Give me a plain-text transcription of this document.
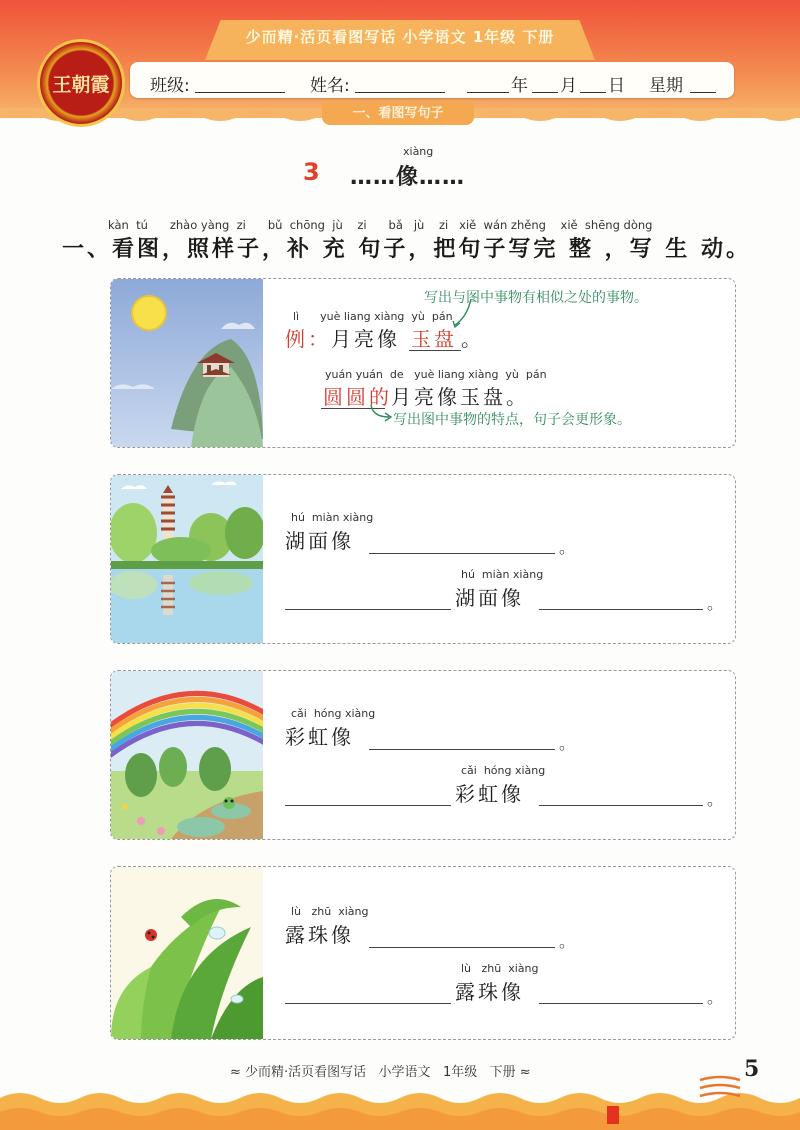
少而精·活页看图写话 小学语文 1年级 下册
王朝霞	班级:	姓名:	年 月 日 星期
一、看图写句子
3
xiàng
……像……
kàn  tú      zhào yàng  zi      bǔ  chōng  jù    zi      bǎ   jù    zi   xiě  wán zhěng    xiě  shēng dòng
一、看图，照样子，补 充 句子，把句子写完 整 ，写 生 动。
写出与图中事物有相似之处的事物。
lì      yuè liang xiàng  yù  pán
例： 月亮像 玉盘 。
yuán yuán  de   yuè liang xiàng  yù  pán
圆圆的 月亮像玉盘。
写出图中事物的特点，句子会更形象。
hú  miàn xiàng
湖面像	。
hú  miàn xiàng
湖面像	。
cǎi  hóng xiàng
彩虹像	。
cǎi  hóng xiàng
彩虹像	。
lù   zhū  xiàng
露珠像	。
lù   zhū  xiàng
露珠像	。
≈ 少而精·活页看图写话   小学语文   1年级   下册 ≈	5
